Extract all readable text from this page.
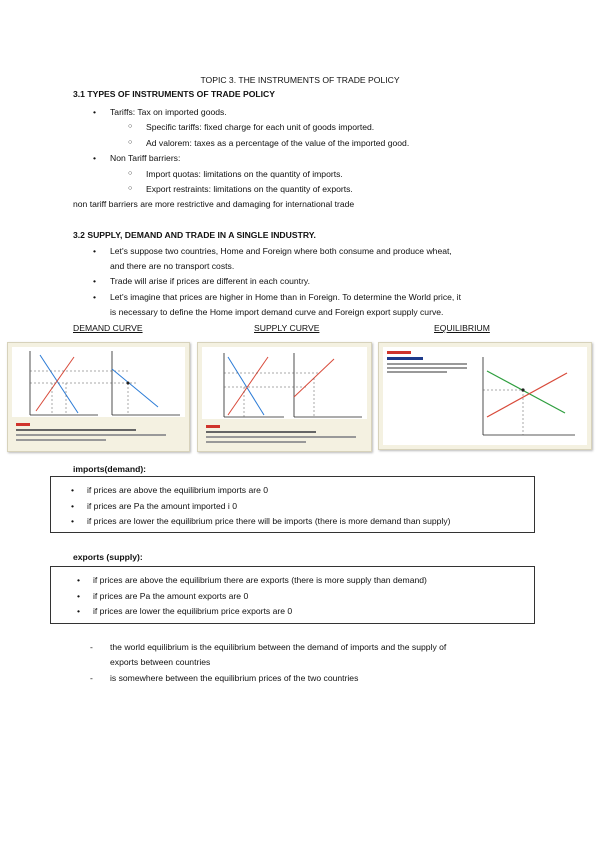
TOPIC 3. THE INSTRUMENTS OF TRADE POLICY
3.1 TYPES OF INSTRUMENTS OF TRADE POLICY
• Tariffs: Tax on imported goods.
○ Specific tariffs: fixed charge for each unit of goods imported.
○ Ad valorem: taxes as a percentage of the value of the imported good.
• Non Tariff barriers:
○ Import quotas: limitations on the quantity of imports.
○ Export restraints: limitations on the quantity of exports.
non tariff barriers are more restrictive and damaging for international trade
3.2 SUPPLY, DEMAND AND TRADE IN A SINGLE INDUSTRY.
• Let's suppose two countries, Home and Foreign where both consume and produce wheat,
and there are no transport costs.
• Trade will arise if prices are different in each country.
• Let's imagine that prices are higher in Home than in Foreign. To determine the World price, it
is necessary to define the Home import demand curve and Foreign export supply curve.
DEMAND CURVE	SUPPLY CURVE	EQUILIBRIUM
imports(demand):
• if prices are above the equilibrium imports are 0
• if prices are Pa the amount imported i 0
• if prices are lower the equilibrium price there will be imports (there is more demand than supply)
exports (supply):
• if prices are above the equilibrium there are exports (there is more supply than demand)
• if prices are Pa the amount exports are 0
• if prices are lower the equilibrium price exports are 0
- the world equilibrium is the equilibrium between the demand of imports and the supply of
exports between countries
- is somewhere between the equilibrium prices of the two countries
